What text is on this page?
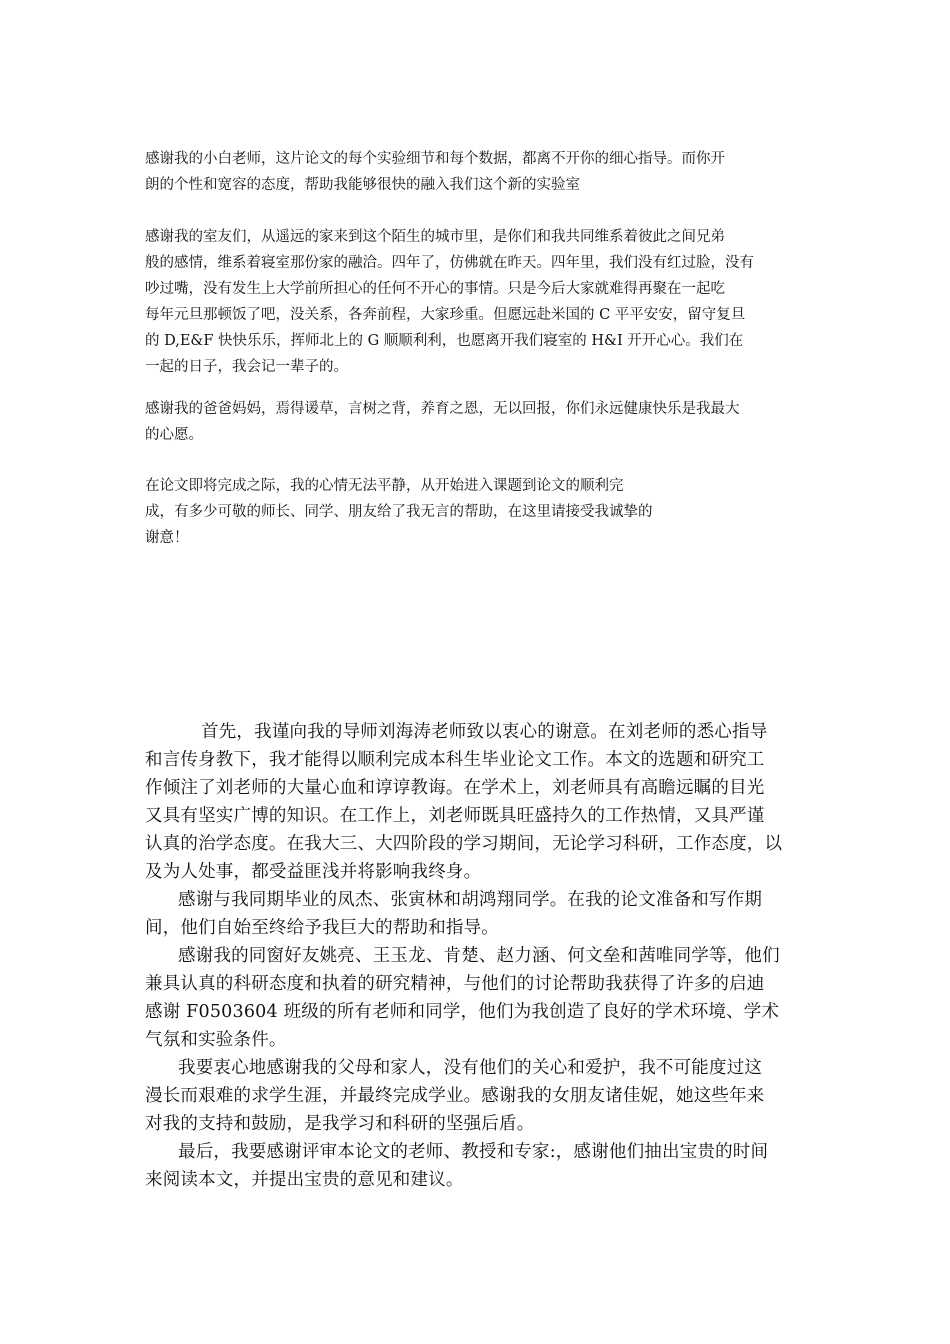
感谢我的小白老师，这片论文的每个实验细节和每个数据，都离不开你的细心指导。而你开
朗的个性和宽容的态度，帮助我能够很快的融入我们这个新的实验室
感谢我的室友们，从遥远的家来到这个陌生的城市里，是你们和我共同维系着彼此之间兄弟
般的感情，维系着寝室那份家的融洽。四年了，仿佛就在昨天。四年里，我们没有红过脸，没有
吵过嘴，没有发生上大学前所担心的任何不开心的事情。只是今后大家就难得再聚在一起吃
每年元旦那顿饭了吧，没关系，各奔前程，大家珍重。但愿远赴米国的 C 平平安安，留守复旦
的 D,E&F 快快乐乐，挥师北上的 G 顺顺利利，也愿离开我们寝室的 H&I 开开心心。我们在
一起的日子，我会记一辈子的。
感谢我的爸爸妈妈，焉得谖草，言树之背，养育之恩，无以回报，你们永远健康快乐是我最大
的心愿。
在论文即将完成之际，我的心情无法平静，从开始进入课题到论文的顺利完
成，有多少可敬的师长、同学、朋友给了我无言的帮助，在这里请接受我诚挚的
谢意！
首先，我谨向我的导师刘海涛老师致以衷心的谢意。在刘老师的悉心指导
和言传身教下，我才能得以顺利完成本科生毕业论文工作。本文的选题和研究工
作倾注了刘老师的大量心血和谆谆教诲。在学术上，刘老师具有高瞻远瞩的目光
又具有坚实广博的知识。在工作上，刘老师既具旺盛持久的工作热情，又具严谨
认真的治学态度。在我大三、大四阶段的学习期间，无论学习科研，工作态度，以
及为人处事，都受益匪浅并将影响我终身。
感谢与我同期毕业的凤杰、张寅林和胡鸿翔同学。在我的论文准备和写作期
间，他们自始至终给予我巨大的帮助和指导。
感谢我的同窗好友姚亮、王玉龙、肯楚、赵力涵、何文垒和茜唯同学等，他们
兼具认真的科研态度和执着的研究精神，与他们的讨论帮助我获得了许多的启迪
感谢 F0503604 班级的所有老师和同学，他们为我创造了良好的学术环境、学术
气氛和实验条件。
我要衷心地感谢我的父母和家人，没有他们的关心和爱护，我不可能度过这
漫长而艰难的求学生涯，并最终完成学业。感谢我的女朋友诸佳妮，她这些年来
对我的支持和鼓励，是我学习和科研的坚强后盾。
最后，我要感谢评审本论文的老师、教授和专家:，感谢他们抽出宝贵的时间
来阅读本文，并提出宝贵的意见和建议。
